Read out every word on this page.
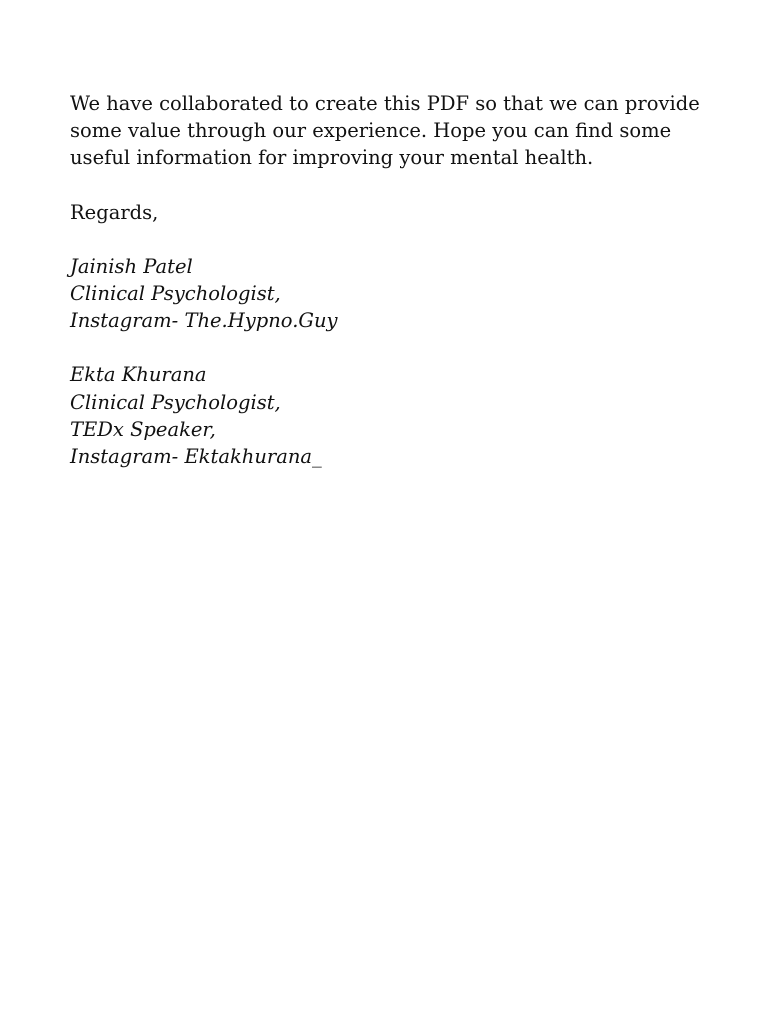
We have collaborated to create this PDF so that we can provide some value through our experience. Hope you can find some useful information for improving your mental health.

Regards,

Jainish Patel
Clinical Psychologist,
Instagram- The.Hypno.Guy
Ekta Khurana
Clinical Psychologist,
TEDx Speaker,
Instagram- Ektakhurana_
